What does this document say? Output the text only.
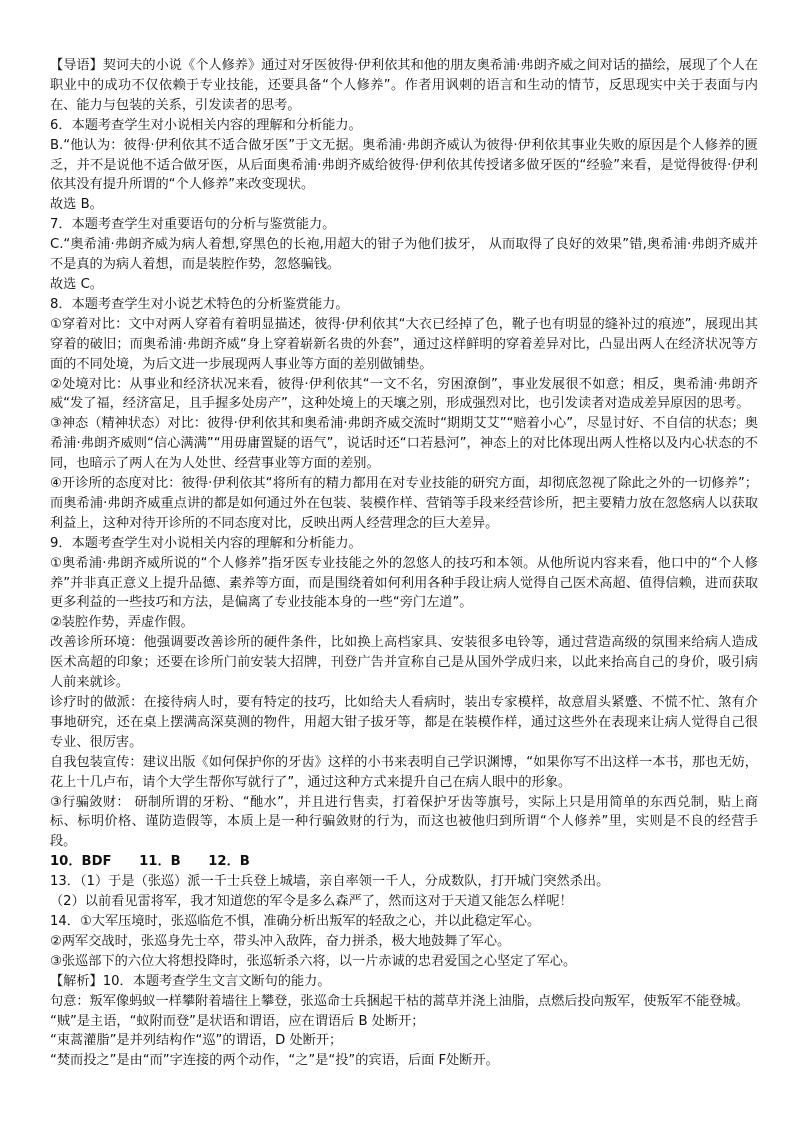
【导语】契诃夫的小说《个人修养》通过对牙医彼得·伊利依其和他的朋友奥希浦·弗朗齐威之间对话的描绘，展现了个人在职业中的成功不仅依赖于专业技能，还要具备“个人修养”。作者用讽刺的语言和生动的情节，反思现实中关于表面与内在、能力与包装的关系，引发读者的思考。

6．本题考查学生对小说相关内容的理解和分析能力。

B.“他认为：彼得·伊利依其不适合做牙医”于文无据。奥希浦·弗朗齐威认为彼得·伊利依其事业失败的原因是个人修养的匮乏，并不是说他不适合做牙医，从后面奥希浦·弗朗齐威给彼得·伊利依其传授诸多做牙医的“经验”来看，是觉得彼得·伊利依其没有提升所谓的“个人修养”来改变现状。

故选 B。

7．本题考查学生对重要语句的分析与鉴赏能力。

C.“奥希浦·弗朗齐威为病人着想,穿黑色的长袍,用超大的钳子为他们拔牙， 从而取得了良好的效果”错,奥希浦·弗朗齐威并不是真的为病人着想，而是装腔作势，忽悠骗钱。

故选 C。

8．本题考查学生对小说艺术特色的分析鉴赏能力。

①穿着对比：文中对两人穿着有着明显描述，彼得·伊利依其“大衣已经掉了色，靴子也有明显的缝补过的痕迹”，展现出其穿着的破旧；而奥希浦·弗朗齐威“身上穿着崭新名贵的外套”，通过这样鲜明的穿着差异对比，凸显出两人在经济状况等方面的不同处境，为后文进一步展现两人事业等方面的差别做铺垫。

②处境对比：从事业和经济状况来看，彼得·伊利依其“一文不名，穷困潦倒”，事业发展很不如意；相反，奥希浦·弗朗齐威“发了福，经济富足，且手握多处房产”，这种处境上的天壤之别，形成强烈对比，也引发读者对造成差异原因的思考。

③神态（精神状态）对比：彼得·伊利依其和奥希浦·弗朗齐威交流时“期期艾艾”“赔着小心”，尽显讨好、不自信的状态；奥希浦·弗朗齐威则“信心满满”“用毋庸置疑的语气”，说话时还“口若悬河”，神态上的对比体现出两人性格以及内心状态的不同，也暗示了两人在为人处世、经营事业等方面的差别。

④开诊所的态度对比：彼得·伊利依其“将所有的精力都用在对专业技能的研究方面，却彻底忽视了除此之外的一切修养”；而奥希浦·弗朗齐威重点讲的都是如何通过外在包装、装模作样、营销等手段来经营诊所，把主要精力放在忽悠病人以获取利益上，这种对待开诊所的不同态度对比，反映出两人经营理念的巨大差异。

9．本题考查学生对小说相关内容的理解和分析能力。

①奥希浦·弗朗齐威所说的“个人修养”指牙医专业技能之外的忽悠人的技巧和本领。从他所说内容来看，他口中的“个人修养”并非真正意义上提升品德、素养等方面，而是围绕着如何利用各种手段让病人觉得自己医术高超、值得信赖，进而获取更多利益的一些技巧和方法，是偏离了专业技能本身的一些“旁门左道”。

②装腔作势，弄虚作假。

改善诊所环境：他强调要改善诊所的硬件条件，比如换上高档家具、安装很多电铃等，通过营造高级的氛围来给病人造成医术高超的印象；还要在诊所门前安装大招牌，刊登广告并宣称自己是从国外学成归来，以此来抬高自己的身价，吸引病人前来就诊。

诊疗时的做派：在接待病人时，要有特定的技巧，比如给夫人看病时，装出专家模样，故意眉头紧蹙、不慌不忙、煞有介事地研究，还在桌上摆满高深莫测的物件，用超大钳子拔牙等，都是在装模作样，通过这些外在表现来让病人觉得自己很专业、很厉害。

自我包装宣传：建议出版《如何保护你的牙齿》这样的小书来表明自己学识渊博，“如果你写不出这样一本书，那也无妨，花上十几卢布，请个大学生帮你写就行了”，通过这种方式来提升自己在病人眼中的形象。

③行骗敛财： 研制所谓的牙粉、“酏水”，并且进行售卖，打着保护牙齿等旗号，实际上只是用简单的东西兑制，贴上商标、标明价格、谨防造假等，本质上是一种行骗敛财的行为，而这也被他归到所谓“个人修养”里，实则是不良的经营手段。

10．BDF      11．B      12．B

13．（1）于是（张巡）派一千士兵登上城墙，亲自率领一千人，分成数队，打开城门突然杀出。

（2）以前看见雷将军，我才知道您的军令是多么森严了，然而这对于天道又能怎么样呢！

14．①大军压境时，张巡临危不惧，准确分析出叛军的轻敌之心，并以此稳定军心。

②两军交战时，张巡身先士卒，带头冲入敌阵，奋力拼杀，极大地鼓舞了军心。

③张巡部下的六位大将想投降时，张巡斩杀六将，以一片赤诚的忠君爱国之心坚定了军心。

【解析】10．本题考查学生文言文断句的能力。

句意：叛军像蚂蚁一样攀附着墙往上攀登，张巡命士兵捆起干枯的蒿草并浇上油脂，点燃后投向叛军，使叛军不能登城。

“贼”是主语，“蚁附而登”是状语和谓语，应在谓语后 B 处断开；

“束蒿灌脂”是并列结构作“巡”的谓语，D 处断开；

“焚而投之”是由“而”字连接的两个动作，“之”是“投”的宾语，后面 F处断开。
